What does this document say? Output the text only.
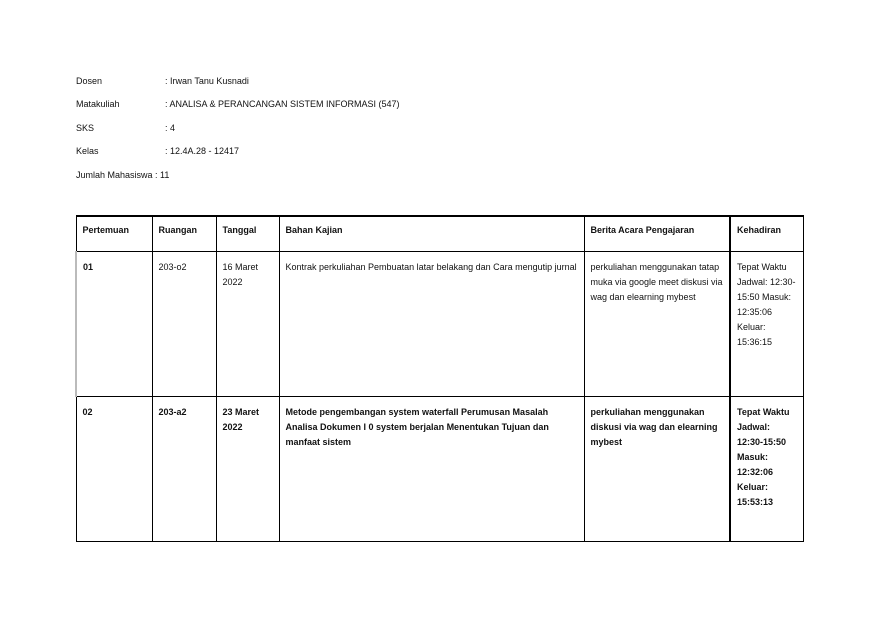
Dosen	: Irwan Tanu Kusnadi
Matakuliah	: ANALISA & PERANCANGAN SISTEM INFORMASI (547)
SKS	: 4
Kelas	: 12.4A.28 - 12417
Jumlah Mahasiswa : 11
Pertemuan	Ruangan	Tanggal	Bahan Kajian	Berita Acara Pengajaran	Kehadiran
01	203-o2	16 Maret 2022	Kontrak perkuliahan Pembuatan latar belakang dan Cara mengutip jurnal	perkuliahan menggunakan tatap muka via google meet diskusi via wag dan elearning mybest	Tepat Waktu Jadwal: 12:30-15:50 Masuk: 12:35:06 Keluar: 15:36:15
02	203-a2	23 Maret 2022	Metode pengembangan system waterfall Perumusan Masalah Analisa Dokumen I 0 system berjalan Menentukan Tujuan dan manfaat sistem	perkuliahan menggunakan diskusi via wag dan elearning mybest	Tepat Waktu Jadwal: 12:30-15:50 Masuk: 12:32:06 Keluar: 15:53:13
